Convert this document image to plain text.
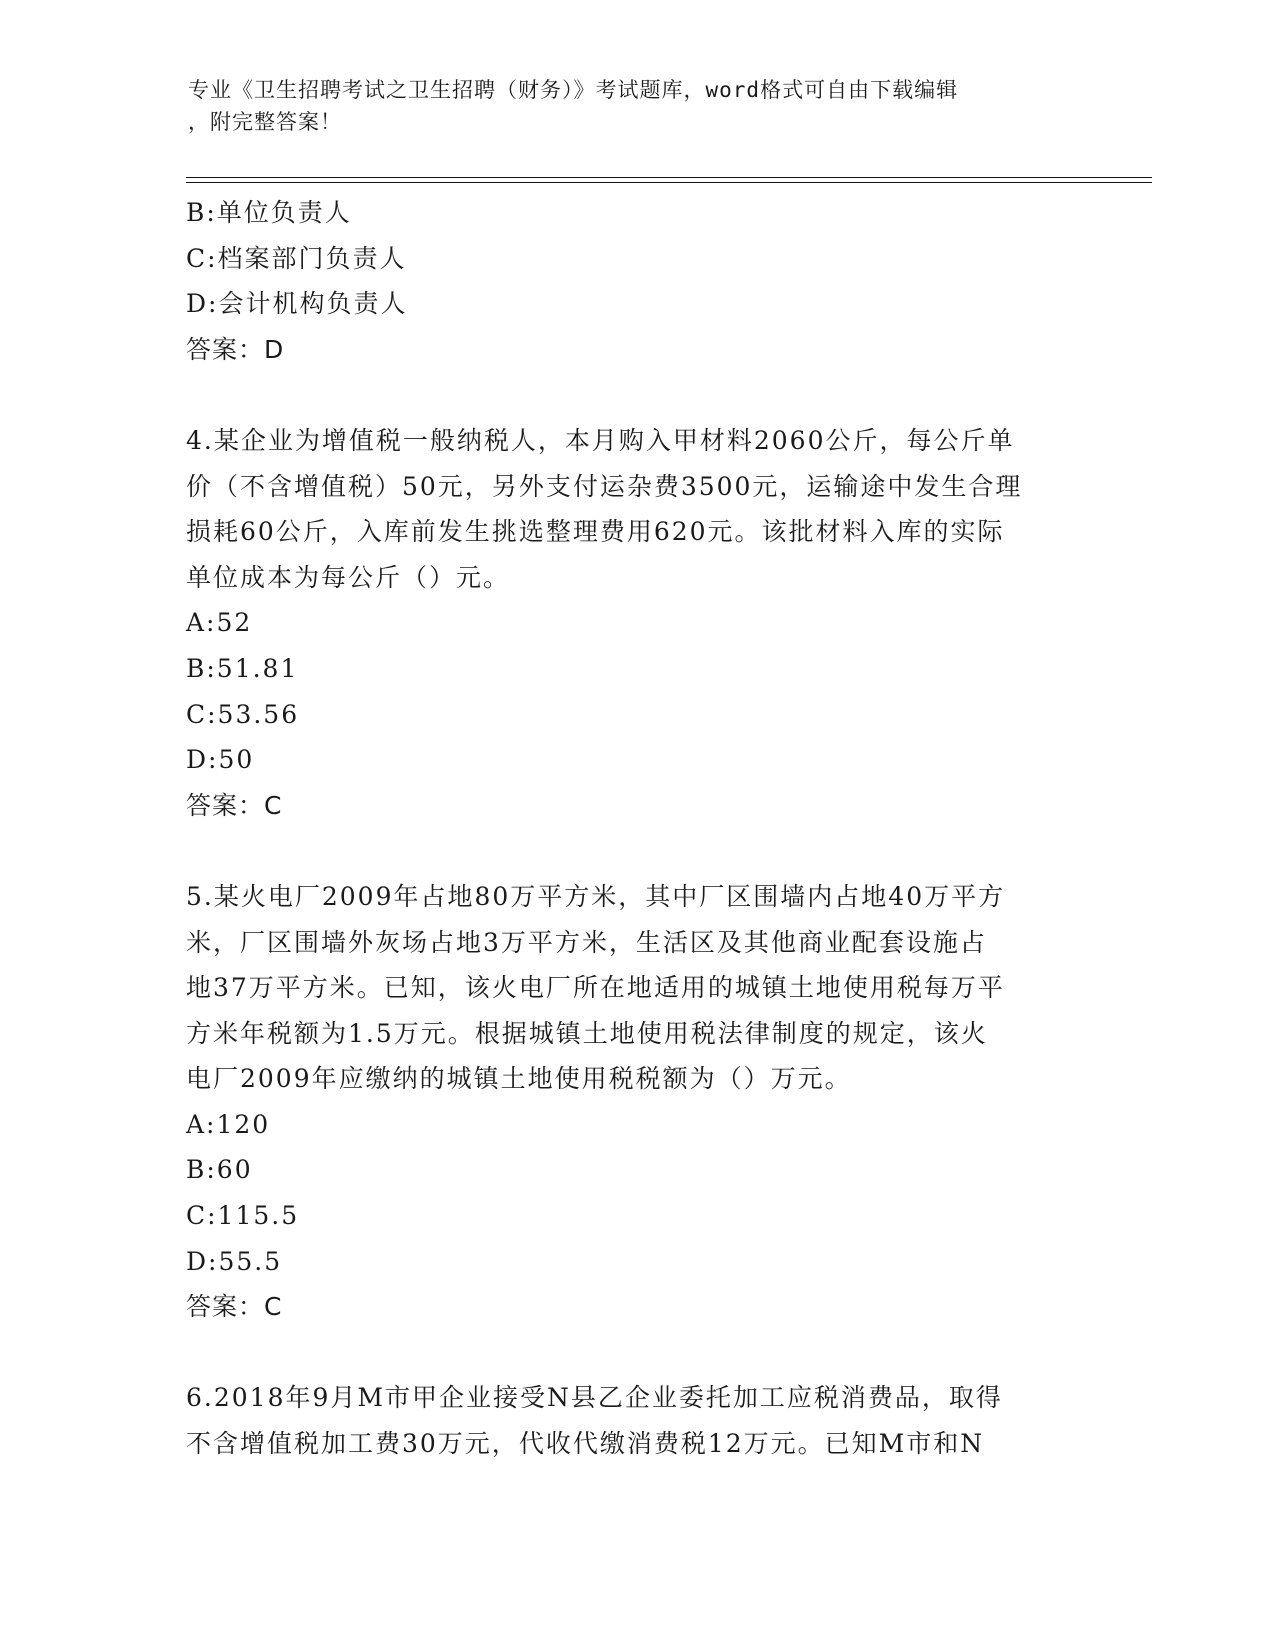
专业《卫生招聘考试之卫生招聘（财务）》考试题库，word格式可自由下载编辑
，附完整答案！
B:单位负责人
C:档案部门负责人
D:会计机构负责人
答案：D
4.某企业为增值税一般纳税人，本月购入甲材料2060公斤，每公斤单
价（不含增值税）50元，另外支付运杂费3500元，运输途中发生合理
损耗60公斤，入库前发生挑选整理费用620元。该批材料入库的实际
单位成本为每公斤（）元。
A:52
B:51.81
C:53.56
D:50
答案：C
5.某火电厂2009年占地80万平方米，其中厂区围墙内占地40万平方
米，厂区围墙外灰场占地3万平方米，生活区及其他商业配套设施占
地37万平方米。已知，该火电厂所在地适用的城镇土地使用税每万平
方米年税额为1.5万元。根据城镇土地使用税法律制度的规定，该火
电厂2009年应缴纳的城镇土地使用税税额为（）万元。
A:120
B:60
C:115.5
D:55.5
答案：C
6.2018年9月M市甲企业接受N县乙企业委托加工应税消费品，取得
不含增值税加工费30万元，代收代缴消费税12万元。已知M市和N
